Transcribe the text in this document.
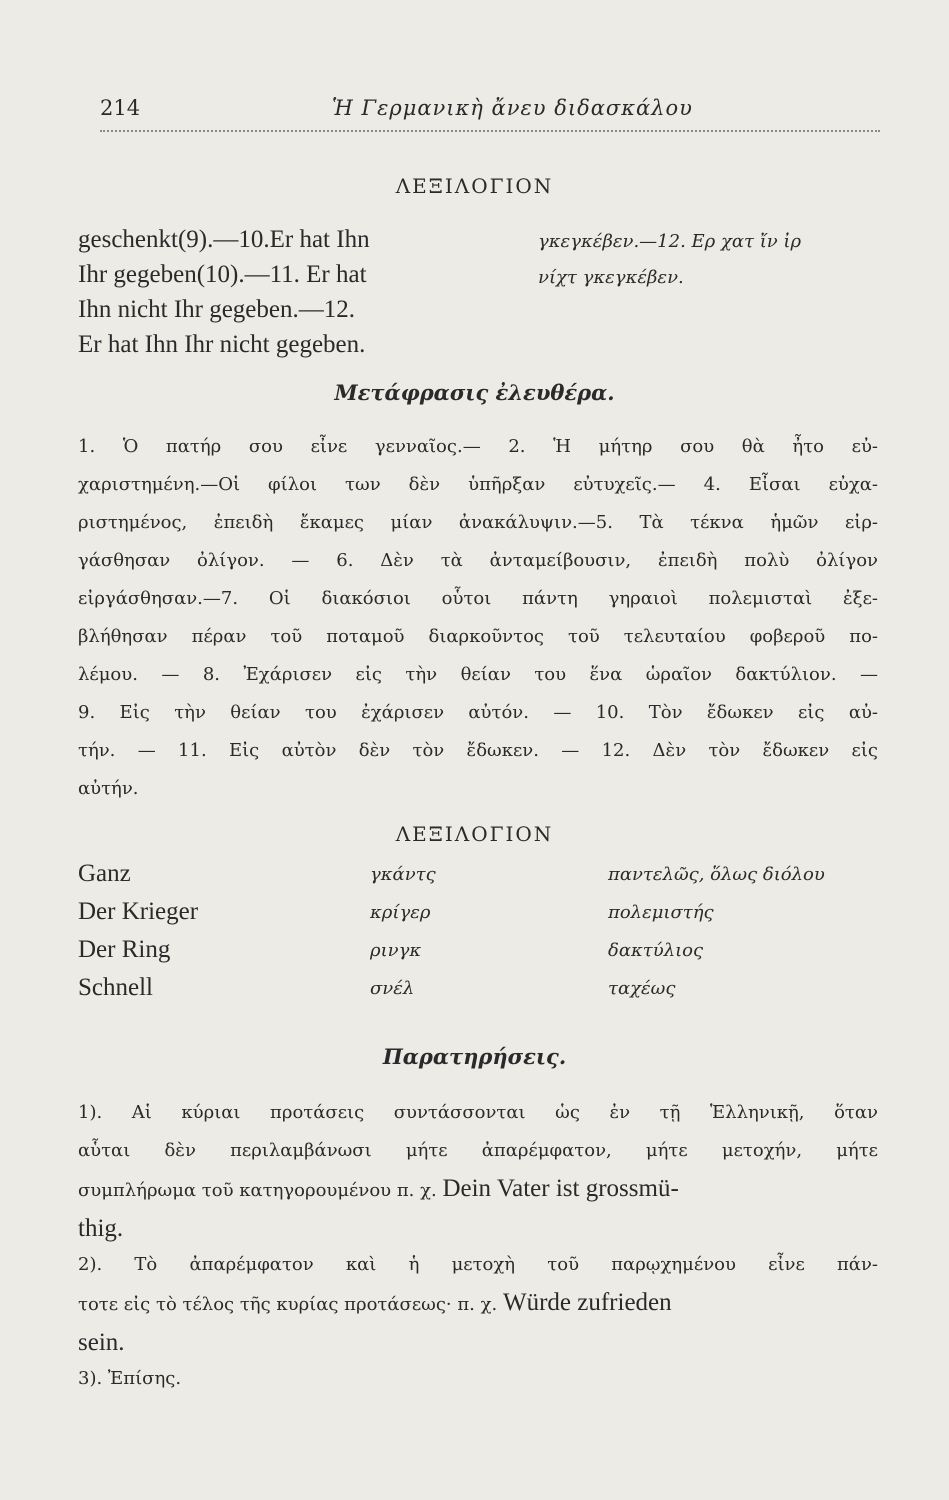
214	Ἡ Γερμανικὴ ἄνευ διδασκάλου
ΛΕΞΙΛΟΓΙΟΝ
geschenkt(9).—10.Er hat Ihn
Ihr gegeben(10).—11. Er hat
Ihn nicht Ihr gegeben.—12.
Er hat Ihn Ihr nicht gegeben.
γκεγκέβεν.—12. Ερ χατ ἴν ἰρ
νίχτ γκεγκέβεν.
Μετάφρασις ἐλευθέρα.
1. Ὁ πατήρ σου εἶνε γενναῖος.— 2. Ἡ μήτηρ σου θὰ ἦτο εὐ-
χαριστημένη.—Οἱ φίλοι των δὲν ὑπῆρξαν εὐτυχεῖς.— 4. Εἶσαι εὐχα-
ριστημένος, ἐπειδὴ ἔκαμες μίαν ἀνακάλυψιν.—5. Τὰ τέκνα ἡμῶν εἰρ-
γάσθησαν ὀλίγον. — 6. Δὲν τὰ ἀνταμείβουσιν, ἐπειδὴ πολὺ ὀλίγον
εἰργάσθησαν.—7. Οἱ διακόσιοι οὗτοι πάντη γηραιοὶ πολεμισταὶ ἐξε-
βλήθησαν πέραν τοῦ ποταμοῦ διαρκοῦντος τοῦ τελευταίου φοβεροῦ πο-
λέμου. — 8. Ἐχάρισεν εἰς τὴν θείαν του ἕνα ὡραῖον δακτύλιον. —
9. Εἰς τὴν θείαν του ἐχάρισεν αὐτόν. — 10. Τὸν ἔδωκεν εἰς αὐ-
τήν. — 11. Εἰς αὐτὸν δὲν τὸν ἔδωκεν. — 12. Δὲν τὸν ἔδωκεν εἰς
αὐτήν.
ΛΕΞΙΛΟΓΙΟΝ
Ganz	γκάντς	παντελῶς, ὅλως διόλου
Der Krieger	κρίγερ	πολεμιστής
Der Ring	ρινγκ	δακτύλιος
Schnell	σνέλ	ταχέως
Παρατηρήσεις.
1). Αἱ κύριαι προτάσεις συντάσσονται ὡς ἐν τῇ Ἑλληνικῇ, ὅταν
αὗται δὲν περιλαμβάνωσι μήτε ἀπαρέμφατον, μήτε μετοχήν, μήτε
συμπλήρωμα τοῦ κατηγορουμένου π. χ. Dein Vater ist grossmü-
thig.
2). Τὸ ἀπαρέμφατον καὶ ἡ μετοχὴ τοῦ παρῳχημένου εἶνε πάν-
τοτε εἰς τὸ τέλος τῆς κυρίας προτάσεως· π. χ. Würde zufrieden
sein.
3). Ἐπίσης.
